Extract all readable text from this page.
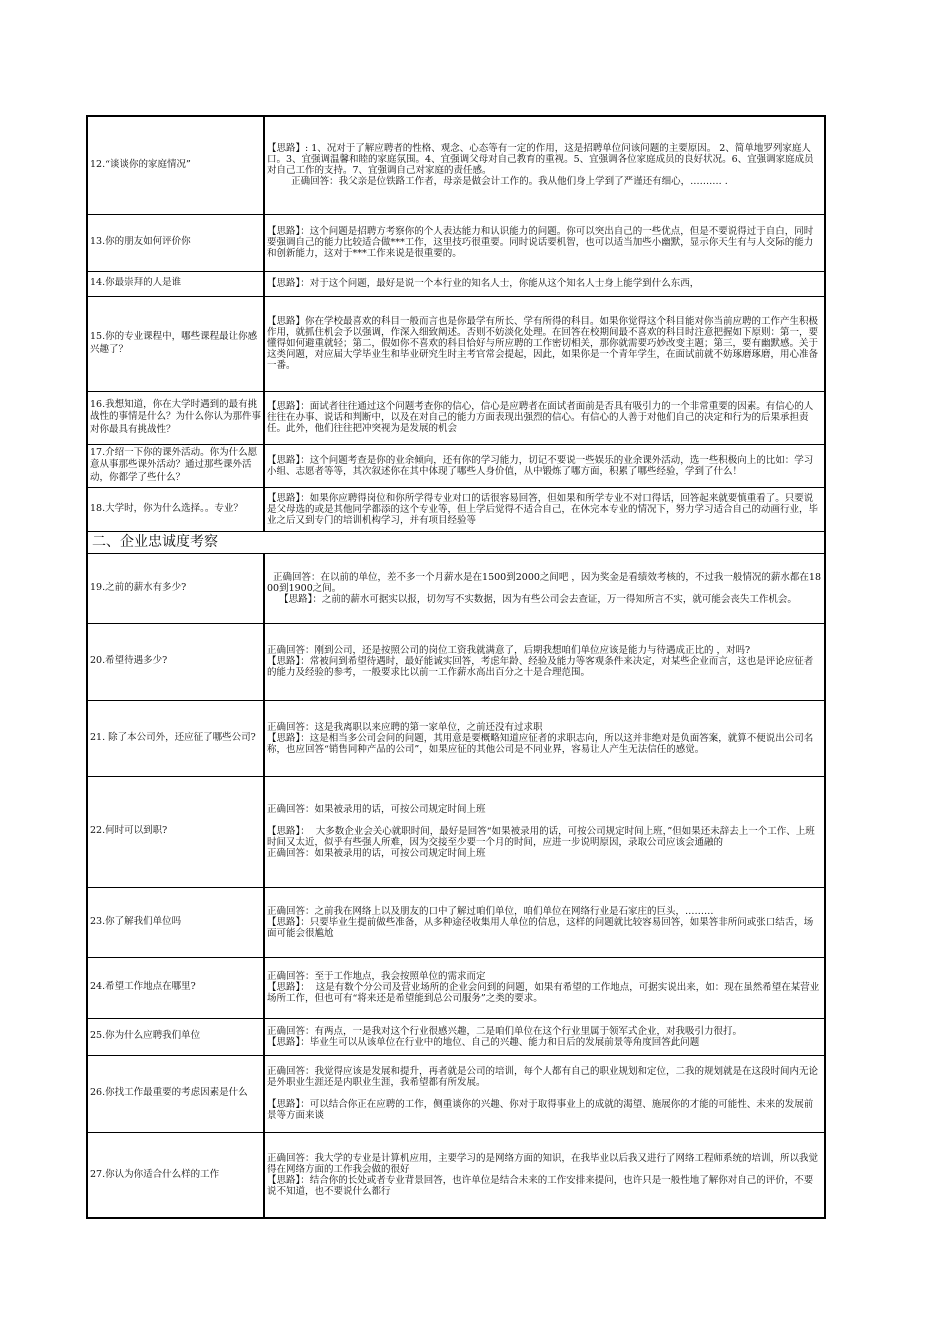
12.“谈谈你的家庭情况”	【思路】: 1、况对于了解应聘者的性格、观念、心态等有一定的作用，这是招聘单位问该问题的主要原因。 2、简单地罗列家庭人口。3、宜强调温馨和睦的家庭氛围。4、宜强调父母对自己教育的重视。5、宜强调各位家庭成员的良好状况。6、宜强调家庭成员对自己工作的支持。7、宜强调自己对家庭的责任感。
正确回答：我父亲是位铁路工作者，母亲是做会计工作的。我从他们身上学到了严谨还有细心，………. .

13.你的朋友如何评价你	【思路】：这个问题是招聘方考察你的个人表达能力和认识能力的问题。你可以突出自己的一些优点，但是不要说得过于自白，同时要强调自己的能力比较适合做***工作，这里技巧很重要。同时说话要机智，也可以适当加些小幽默，显示你天生有与人交际的能力和创新能力，这对于***工作来说是很重要的。

14.你最崇拜的人是谁	【思路】：对于这个问题，最好是说一个本行业的知名人士，你能从这个知名人士身上能学到什么东西，

15.你的专业课程中，哪些课程最让你感兴趣了？	【思路】你在学校最喜欢的科目一般而言也是你最学有所长、学有所得的科目。如果你觉得这个科目能对你当前应聘的工作产生积极作用，就抓住机会予以强调，作深入细致阐述。否则不妨淡化处理。在回答在校期间最不喜欢的科目时注意把握如下原则：第一，要懂得如何避重就轻；第二，假如你不喜欢的科目恰好与所应聘的工作密切相关，那你就需要巧妙改变主题；第三，要有幽默感。关于这类问题，对应届大学毕业生和毕业研究生时主考官常会提起，因此，如果你是一个青年学生，在面试前就不妨琢磨琢磨，用心准备一番。

16.我想知道，你在大学时遇到的最有挑战性的事情是什么？为什么你认为那件事对你最具有挑战性？	【思路】：面试者往往通过这个问题考查你的信心，信心是应聘者在面试者面前是否具有吸引力的一个非常重要的因素。有信心的人往往在办事、说话和判断中，以及在对自己的能力方面表现出强烈的信心。有信心的人善于对他们自己的决定和行为的后果承担责任。此外，他们往往把冲突视为是发展的机会

17.介绍一下你的课外活动。你为什么愿意从事那些课外活动？通过那些课外活动，你都学了些什么？	【思路】：这个问题考查是你的业余倾向，还有你的学习能力，切记不要说一些娱乐的业余课外活动，选一些积极向上的比如：学习小组、志愿者等等，其次叙述你在其中体现了哪些人身价值，从中锻炼了哪方面，积累了哪些经验，学到了什么！

18.大学时，你为什么选择。。专业？	【思路】：如果你应聘得岗位和你所学得专业对口的话很容易回答，但如果和所学专业不对口得话，回答起来就要慎重看了。只要说是父母选的或是其他同学都添的这个专业等，但上学后觉得不适合自己，在休完本专业的情况下，努力学习适合自己的动画行业，毕业之后又到专门的培训机构学习，并有项目经验等

二、企业忠诚度考察	
19.之前的薪水有多少?	正确回答：在以前的单位，差不多一个月薪水是在1500到2000之间吧 ，因为奖金是看绩效考核的，不过我一般情况的薪水都在1800到1900之间。
【思路】：之前的薪水可据实以报，切勿写不实数据，因为有些公司会去查证，万一得知所言不实，就可能会丧失工作机会。

20.希望待遇多少?	正确回答：刚到公司，还是按照公司的岗位工资我就满意了，后期我想咱们单位应该是能力与待遇成正比的 ，对吗?
【思路】：常被问到希望待遇时，最好能诚实回答，考虑年龄、经验及能力等客观条件来决定，对某些企业而言，这也是评论应征者的能力及经验的参考，一般要求比以前一工作薪水高出百分之十是合理范围。

21. 除了本公司外，还应征了哪些公司?	正确回答：这是我离职以来应聘的第一家单位，之前还没有过求职
【思路】：这是相当多公司会问的问题，其用意是要概略知道应征者的求职志向，所以这并非绝对是负面答案，就算不便说出公司名称，也应回答“销售同种产品的公司”，如果应征的其他公司是不同业界，容易让人产生无法信任的感觉。

22.何时可以到职?	正确回答：如果被录用的话，可按公司规定时间上班
【思路】：  大多数企业会关心就职时间，最好是回答“如果被录用的话，可按公司规定时间上班，”但如果还未辞去上一个工作、上班时间又太近，似乎有些强人所难，因为交接至少要一个月的时间，应进一步说明原因，录取公司应该会通融的
正确回答：如果被录用的话，可按公司规定时间上班

23.你了解我们单位吗	正确回答：之前我在网络上以及朋友的口中了解过咱们单位，咱们单位在网络行业是石家庄的巨头，………
【思路】：只要毕业生提前做些准备，从多种途径收集用人单位的信息，这样的问题就比较容易回答，如果答非所问或张口结舌，场面可能会很尴尬

24.希望工作地点在哪里?	正确回答：至于工作地点，我会按照单位的需求而定
【思路】：  这是有数个分公司及营业场所的企业会问到的问题，如果有希望的工作地点，可据实说出来，如：现在虽然希望在某营业场所工作，但也可有“将来还是希望能到总公司服务”之类的要求。

25.你为什么应聘我们单位	正确回答：有两点，一是我对这个行业很感兴趣，二是咱们单位在这个行业里属于领军式企业，对我吸引力很打。
【思路】：毕业生可以从该单位在行业中的地位、自己的兴趣、能力和日后的发展前景等角度回答此问题

26.你找工作最重要的考虑因素是什么	正确回答：我觉得应该是发展和提升，再者就是公司的培训，每个人都有自己的职业规划和定位，二我的规划就是在这段时间内无论是外职业生涯还是内职业生涯，我希望都有所发展。
【思路】：可以结合你正在应聘的工作，侧重谈你的兴趣、你对于取得事业上的成就的渴望、施展你的才能的可能性、未来的发展前景等方面来谈

27.你认为你适合什么样的工作	正确回答：我大学的专业是计算机应用，主要学习的是网络方面的知识，在我毕业以后我又进行了网络工程师系统的培训，所以我觉得在网络方面的工作我会做的很好
【思路】：结合你的长处或者专业背景回答，也许单位是结合未来的工作安排来提问，也许只是一般性地了解你对自己的评价，不要说不知道，也不要说什么都行
